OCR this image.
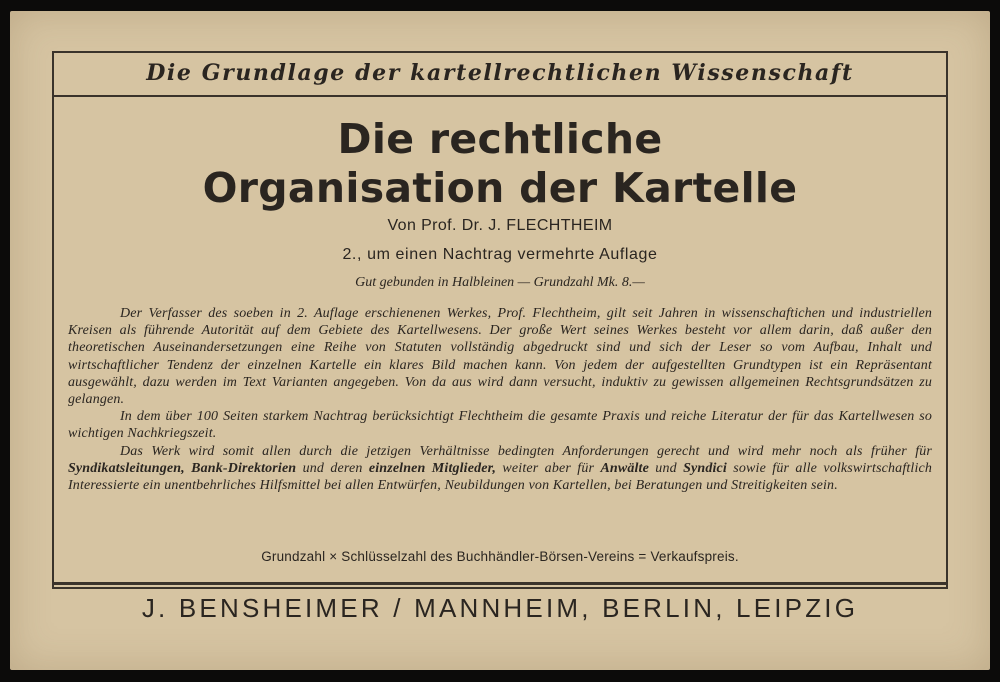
Die Grundlage der kartellrechtlichen Wissenschaft
Die rechtliche
Organisation der Kartelle
Von Prof. Dr. J. FLECHTHEIM
2., um einen Nachtrag vermehrte Auflage
Gut gebunden in Halbleinen — Grundzahl Mk. 8.—

Der Verfasser des soeben in 2. Auflage erschienenen Werkes, Prof. Flechtheim, gilt seit Jahren in wissenschaftichen und industriellen Kreisen als führende Autorität auf dem Gebiete des Kartellwesens. Der große Wert seines Werkes besteht vor allem darin, daß außer den theoretischen Auseinandersetzungen eine Reihe von Statuten vollständig abgedruckt sind und sich der Leser so vom Aufbau, Inhalt und wirtschaftlicher Tendenz der einzelnen Kartelle ein klares Bild machen kann. Von jedem der aufgestellten Grundtypen ist ein Repräsentant ausgewählt, dazu werden im Text Varianten angegeben. Von da aus wird dann versucht, induktiv zu gewissen allgemeinen Rechtsgrundsätzen zu gelangen.

In dem über 100 Seiten starkem Nachtrag berücksichtigt Flechtheim die gesamte Praxis und reiche Literatur der für das Kartellwesen so wichtigen Nachkriegszeit.

Das Werk wird somit allen durch die jetzigen Verhältnisse bedingten Anforderungen gerecht und wird mehr noch als früher für Syndikatsleitungen, Bank-Direktorien und deren einzelnen Mitglieder, weiter aber für Anwälte und Syndici sowie für alle volkswirtschaftlich Interessierte ein unentbehrliches Hilfsmittel bei allen Entwürfen, Neubildungen von Kartellen, bei Beratungen und Streitigkeiten sein.

Grundzahl × Schlüsselzahl des Buchhändler-Börsen-Vereins = Verkaufspreis.
J. BENSHEIMER / MANNHEIM, BERLIN, LEIPZIG
